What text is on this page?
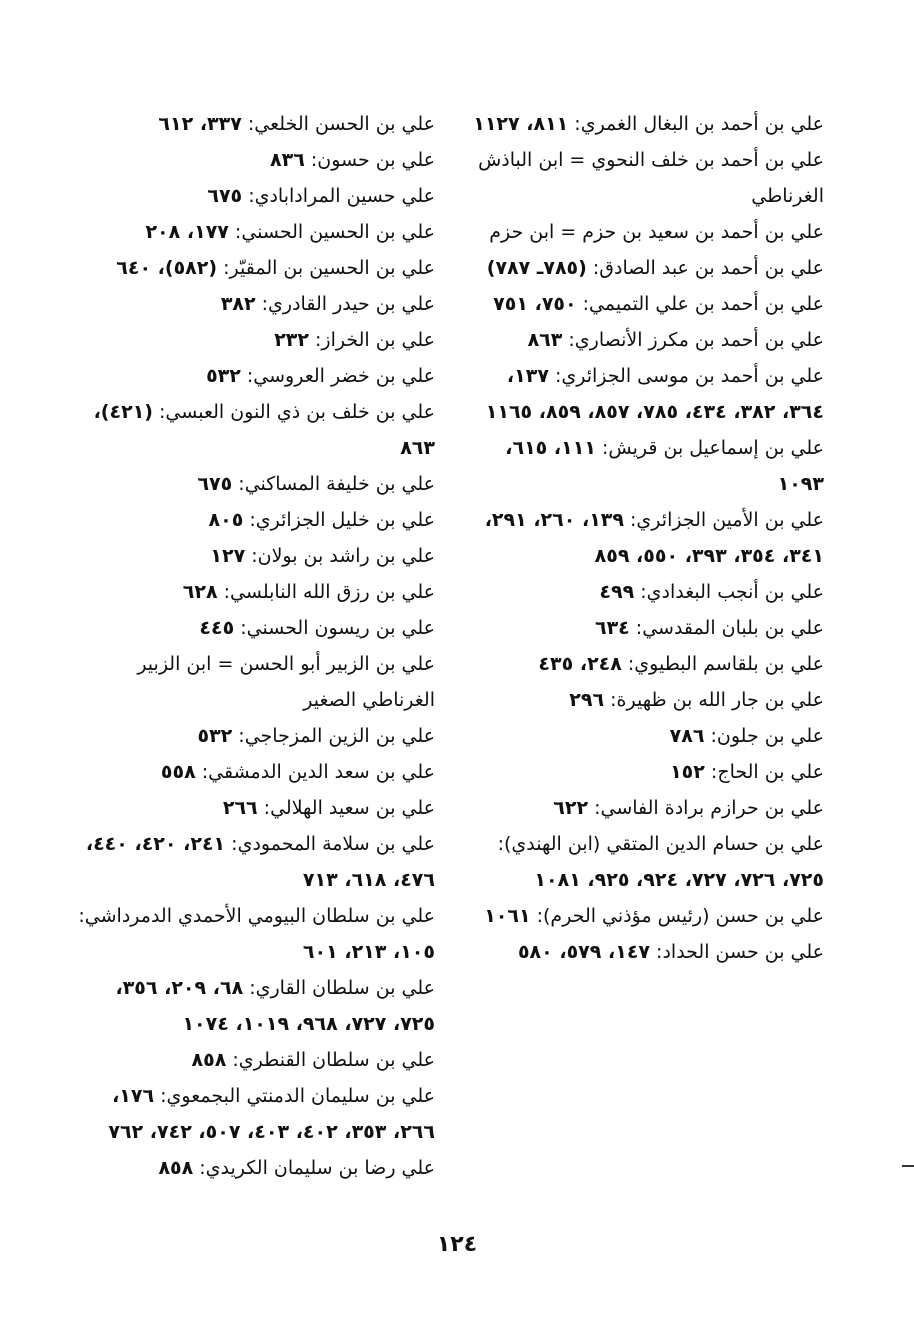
علي بن أحمد بن البغال الغمري: ٨١١، ١١٢٧
علي بن أحمد بن خلف النحوي = ابن الباذش الغرناطي
علي بن أحمد بن سعيد بن حزم = ابن حزم
علي بن أحمد بن عبد الصادق: (٧٨٥ـ ٧٨٧)
علي بن أحمد بن علي التميمي: ٧٥٠، ٧٥١
علي بن أحمد بن مكرز الأنصاري: ٨٦٣
علي بن أحمد بن موسى الجزائري: ١٣٧، ٣٦٤، ٣٨٢، ٤٣٤، ٧٨٥، ٨٥٧، ٨٥٩، ١١٦٥
علي بن إسماعيل بن قريش: ١١١، ٦١٥، ١٠٩٣
علي بن الأمين الجزائري: ١٣٩، ٢٦٠، ٢٩١، ٣٤١، ٣٥٤، ٣٩٣، ٥٥٠، ٨٥٩
علي بن أنجب البغدادي: ٤٩٩
علي بن بلبان المقدسي: ٦٣٤
علي بن بلقاسم البطيوي: ٢٤٨، ٤٣٥
علي بن جار الله بن ظهيرة: ٢٩٦
علي بن جلون: ٧٨٦
علي بن الحاج: ١٥٢
علي بن حرازم برادة الفاسي: ٦٢٢
علي بن حسام الدين المتقي (ابن الهندي): ٧٢٥، ٧٢٦، ٧٢٧، ٩٢٤، ٩٢٥، ١٠٨١
علي بن حسن (رئيس مؤذني الحرم): ١٠٦١
علي بن حسن الحداد: ١٤٧، ٥٧٩، ٥٨٠
علي بن الحسن الخلعي: ٣٣٧، ٦١٢
علي بن حسون: ٨٣٦
علي حسين المرادابادي: ٦٧٥
علي بن الحسين الحسني: ١٧٧، ٢٠٨
علي بن الحسين بن المقيّر: (٥٨٢)، ٦٤٠
علي بن حيدر القادري: ٣٨٢
علي بن الخراز: ٢٣٢
علي بن خضر العروسي: ٥٣٢
علي بن خلف بن ذي النون العبسي: (٤٢١)، ٨٦٣
علي بن خليفة المساكني: ٦٧٥
علي بن خليل الجزائري: ٨٠٥
علي بن راشد بن بولان: ١٢٧
علي بن رزق الله النابلسي: ٦٢٨
علي بن ريسون الحسني: ٤٤٥
علي بن الزبير أبو الحسن = ابن الزبير الغرناطي الصغير
علي بن الزين المزجاجي: ٥٣٢
علي بن سعد الدين الدمشقي: ٥٥٨
علي بن سعيد الهلالي: ٢٦٦
علي بن سلامة المحمودي: ٢٤١، ٤٢٠، ٤٤٠، ٤٧٦، ٦١٨، ٧١٣
علي بن سلطان البيومي الأحمدي الدمرداشي: ١٠٥، ٢١٣، ٦٠١
علي بن سلطان القاري: ٦٨، ٢٠٩، ٣٥٦، ٧٢٥، ٧٢٧، ٩٦٨، ١٠١٩، ١٠٧٤
علي بن سلطان القنطري: ٨٥٨
علي بن سليمان الدمنتي البجمعوي: ١٧٦، ٢٦٦، ٣٥٣، ٤٠٢، ٤٠٣، ٥٠٧، ٧٤٢، ٧٦٢
علي رضا بن سليمان الكريدي: ٨٥٨
١٢٤
